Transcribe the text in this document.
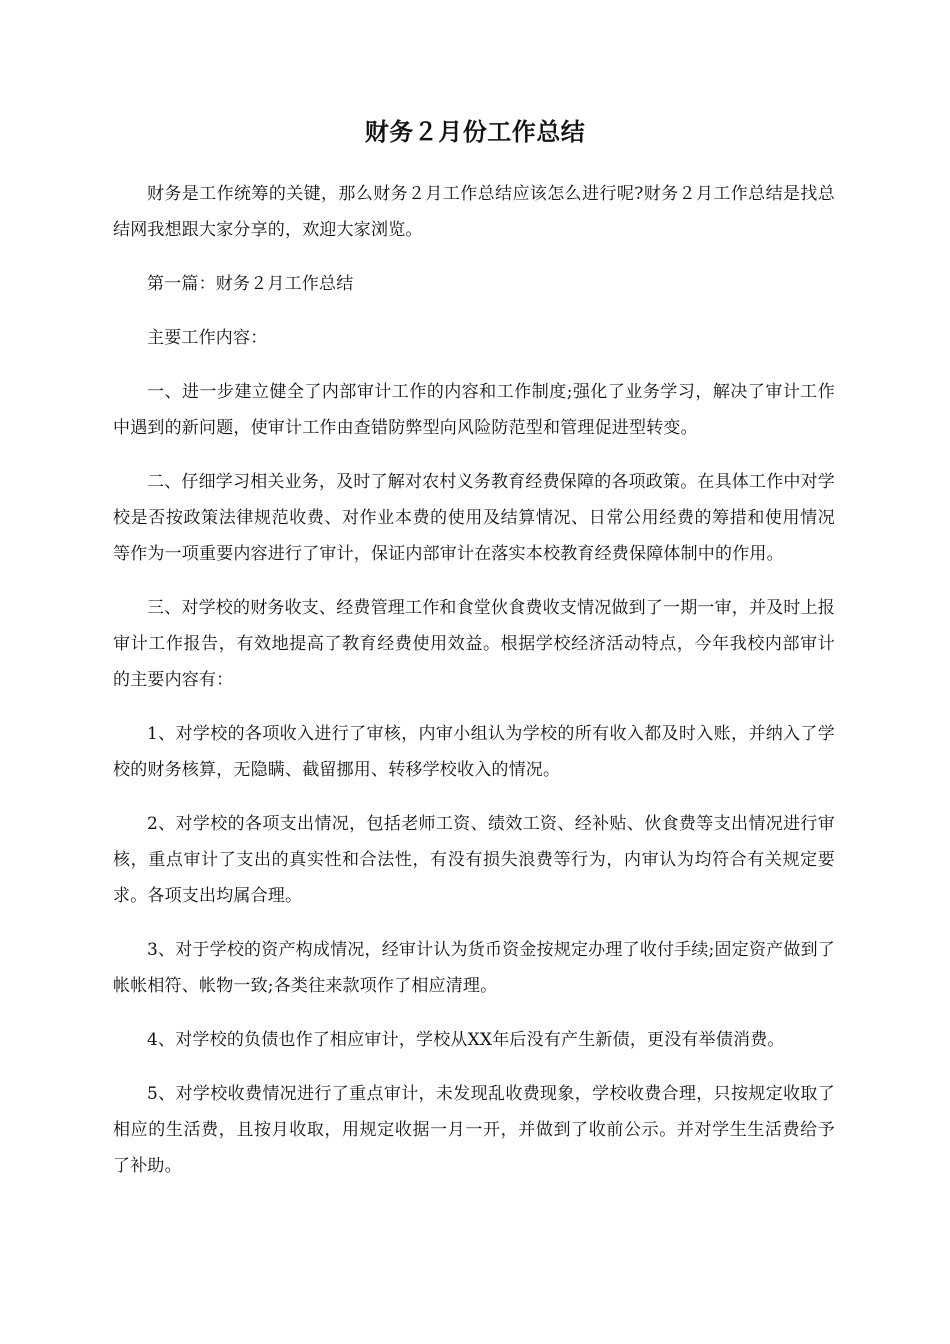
财务２月份工作总结

财务是工作统筹的关键，那么财务２月工作总结应该怎么进行呢?财务２月工作总结是找总结网我想跟大家分享的，欢迎大家浏览。

第一篇：财务２月工作总结

主要工作内容：

一、进一步建立健全了内部审计工作的内容和工作制度;强化了业务学习，解决了审计工作中遇到的新问题，使审计工作由查错防弊型向风险防范型和管理促进型转变。

二、仔细学习相关业务，及时了解对农村义务教育经费保障的各项政策。在具体工作中对学校是否按政策法律规范收费、对作业本费的使用及结算情况、日常公用经费的筹措和使用情况等作为一项重要内容进行了审计，保证内部审计在落实本校教育经费保障体制中的作用。

三、对学校的财务收支、经费管理工作和食堂伙食费收支情况做到了一期一审，并及时上报审计工作报告，有效地提高了教育经费使用效益。根据学校经济活动特点，今年我校内部审计的主要内容有：

1、对学校的各项收入进行了审核，内审小组认为学校的所有收入都及时入账，并纳入了学校的财务核算，无隐瞒、截留挪用、转移学校收入的情况。

2、对学校的各项支出情况，包括老师工资、绩效工资、经补贴、伙食费等支出情况进行审核，重点审计了支出的真实性和合法性，有没有损失浪费等行为，内审认为均符合有关规定要求。各项支出均属合理。

3、对于学校的资产构成情况，经审计认为货币资金按规定办理了收付手续;固定资产做到了帐帐相符、帐物一致;各类往来款项作了相应清理。

4、对学校的负债也作了相应审计，学校从XX年后没有产生新债，更没有举债消费。

5、对学校收费情况进行了重点审计，未发现乱收费现象，学校收费合理，只按规定收取了相应的生活费，且按月收取，用规定收据一月一开，并做到了收前公示。并对学生生活费给予了补助。
